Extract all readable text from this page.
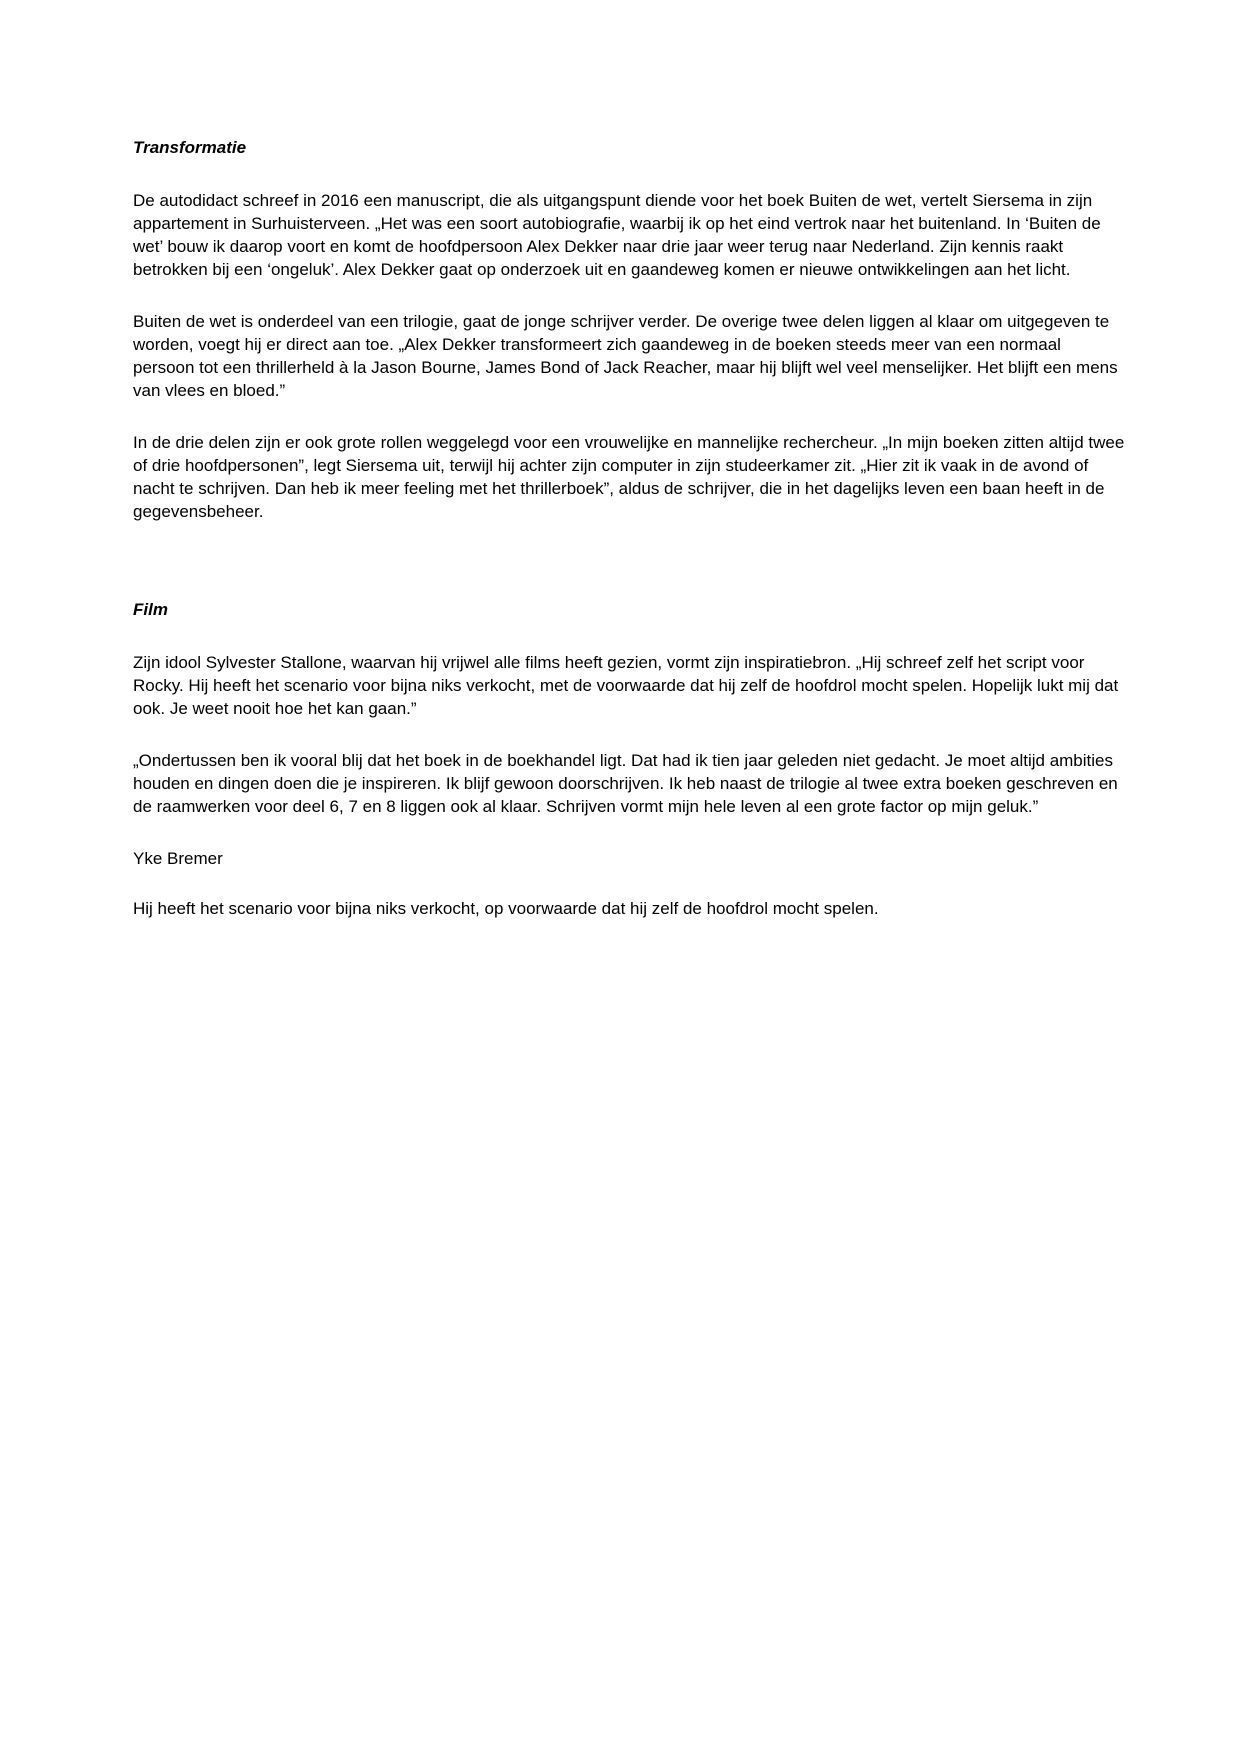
Transformatie

De autodidact schreef in 2016 een manuscript, die als uitgangspunt diende voor het boek Buiten de wet, vertelt Siersema in zijn appartement in Surhuisterveen. „Het was een soort autobiografie, waarbij ik op het eind vertrok naar het buitenland. In ‘Buiten de wet’ bouw ik daarop voort en komt de hoofdpersoon Alex Dekker naar drie jaar weer terug naar Nederland. Zijn kennis raakt betrokken bij een ‘ongeluk’. Alex Dekker gaat op onderzoek uit en gaandeweg komen er nieuwe ontwikkelingen aan het licht.

Buiten de wet is onderdeel van een trilogie, gaat de jonge schrijver verder. De overige twee delen liggen al klaar om uitgegeven te worden, voegt hij er direct aan toe. „Alex Dekker transformeert zich gaandeweg in de boeken steeds meer van een normaal persoon tot een thrillerheld à la Jason Bourne, James Bond of Jack Reacher, maar hij blijft wel veel menselijker. Het blijft een mens van vlees en bloed.”

In de drie delen zijn er ook grote rollen weggelegd voor een vrouwelijke en mannelijke rechercheur. „In mijn boeken zitten altijd twee of drie hoofdpersonen”, legt Siersema uit, terwijl hij achter zijn computer in zijn studeerkamer zit. „Hier zit ik vaak in de avond of nacht te schrijven. Dan heb ik meer feeling met het thrillerboek”, aldus de schrijver, die in het dagelijks leven een baan heeft in de gegevensbeheer.

Film

Zijn idool Sylvester Stallone, waarvan hij vrijwel alle films heeft gezien, vormt zijn inspiratiebron. „Hij schreef zelf het script voor Rocky. Hij heeft het scenario voor bijna niks verkocht, met de voorwaarde dat hij zelf de hoofdrol mocht spelen. Hopelijk lukt mij dat ook. Je weet nooit hoe het kan gaan.”

„Ondertussen ben ik vooral blij dat het boek in de boekhandel ligt. Dat had ik tien jaar geleden niet gedacht. Je moet altijd ambities houden en dingen doen die je inspireren. Ik blijf gewoon doorschrijven. Ik heb naast de trilogie al twee extra boeken geschreven en de raamwerken voor deel 6, 7 en 8 liggen ook al klaar. Schrijven vormt mijn hele leven al een grote factor op mijn geluk.”

Yke Bremer

Hij heeft het scenario voor bijna niks verkocht, op voorwaarde dat hij zelf de hoofdrol mocht spelen.
